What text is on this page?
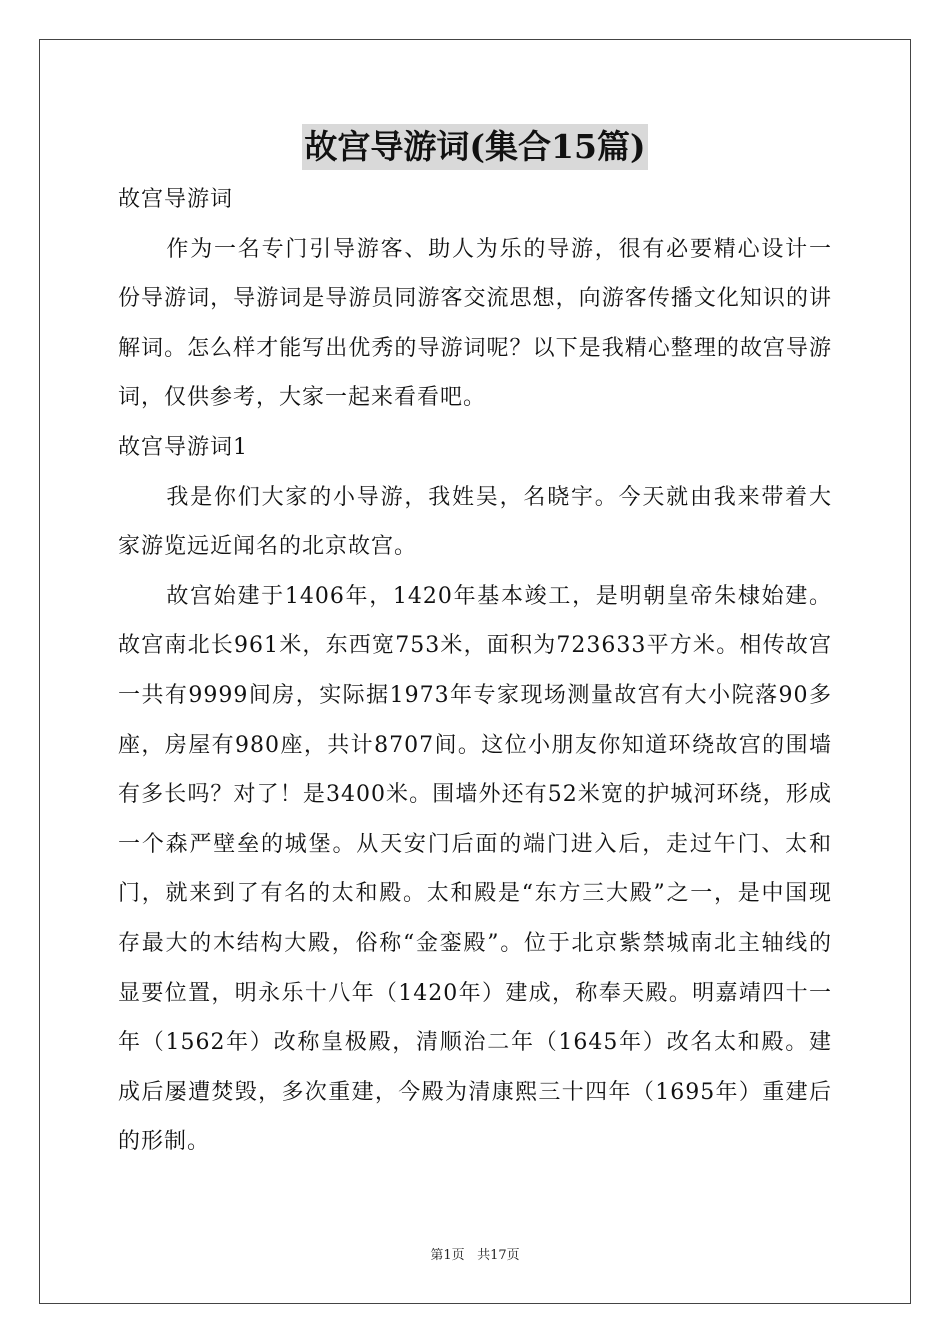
故宫导游词(集合15篇)

故宫导游词

作为一名专门引导游客、助人为乐的导游，很有必要精心设计一份导游词，导游词是导游员同游客交流思想，向游客传播文化知识的讲解词。怎么样才能写出优秀的导游词呢？以下是我精心整理的故宫导游词，仅供参考，大家一起来看看吧。

故宫导游词1

我是你们大家的小导游，我姓吴，名晓宇。今天就由我来带着大家游览远近闻名的北京故宫。

故宫始建于1406年，1420年基本竣工，是明朝皇帝朱棣始建。故宫南北长961米，东西宽753米，面积为723633平方米。相传故宫一共有9999间房，实际据1973年专家现场测量故宫有大小院落90多座，房屋有980座，共计8707间。这位小朋友你知道环绕故宫的围墙有多长吗？对了！是3400米。围墙外还有52米宽的护城河环绕，形成一个森严壁垒的城堡。从天安门后面的端门进入后，走过午门、太和门，就来到了有名的太和殿。太和殿是“东方三大殿”之一，是中国现存最大的木结构大殿，俗称“金銮殿”。位于北京紫禁城南北主轴线的显要位置，明永乐十八年（1420年）建成，称奉天殿。明嘉靖四十一年（1562年）改称皇极殿，清顺治二年（1645年）改名太和殿。建成后屡遭焚毁，多次重建，今殿为清康熙三十四年（1695年）重建后的形制。

第1页 共17页
